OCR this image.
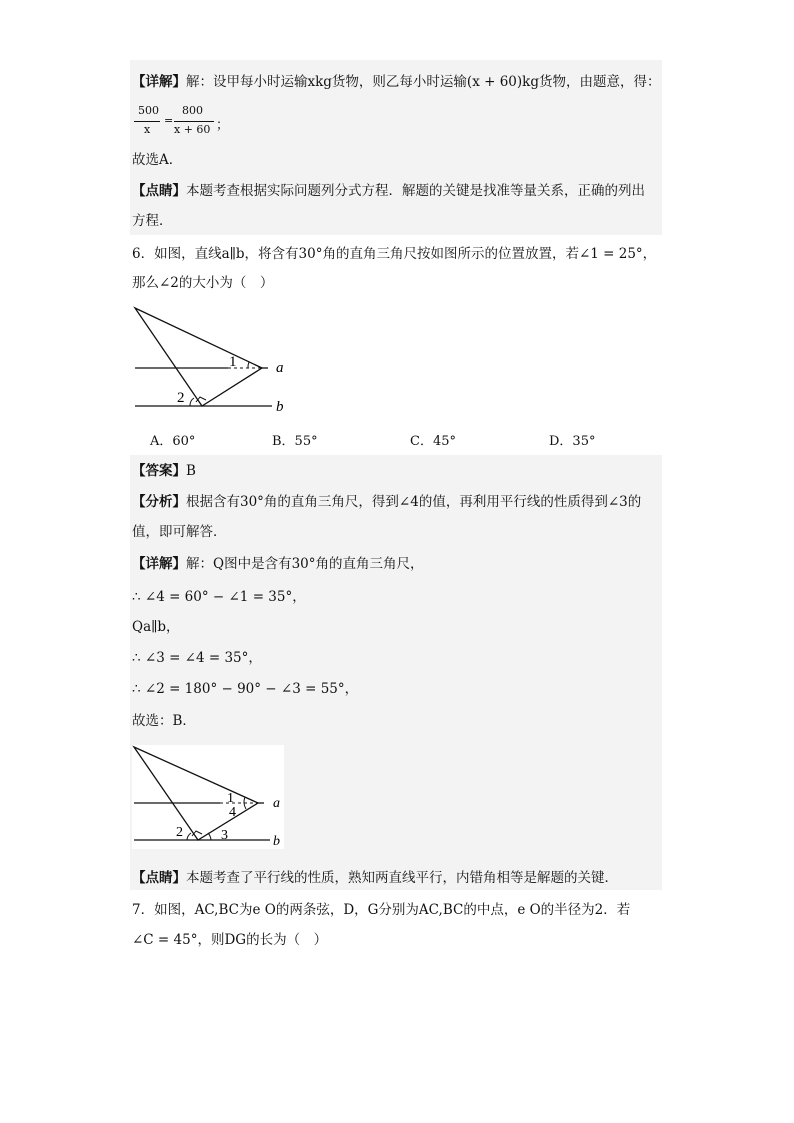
【详解】解：设甲每小时运输xkg货物，则乙每小时运输(x + 60)kg货物，由题意，得：
500
x
=
800
x + 60 ；
故选A．
【点睛】本题考查根据实际问题列分式方程．解题的关键是找准等量关系，正确的列出
方程．
6．如图，直线a∥b，将含有30°角的直角三角尺按如图所示的位置放置，若∠1 = 25°，
那么∠2的大小为（　）
1
2
a
b
A．60°	B．55°	C．45°	D．35°
【答案】B
【分析】根据含有30°角的直角三角尺，得到∠4的值，再利用平行线的性质得到∠3的
值，即可解答．
【详解】解：Q图中是含有30°角的直角三角尺，
∴ ∠4 = 60° − ∠1 = 35°，
Qa∥b，
∴ ∠3 = ∠4 = 35°，
∴ ∠2 = 180° − 90° − ∠3 = 55°，
故选：B．
1
4
2	3
a
b
【点睛】本题考查了平行线的性质，熟知两直线平行，内错角相等是解题的关键．
7．如图，AC,BC为e O的两条弦，D，G分别为AC,BC的中点，e O的半径为2．若
∠C = 45°，则DG的长为（　）
